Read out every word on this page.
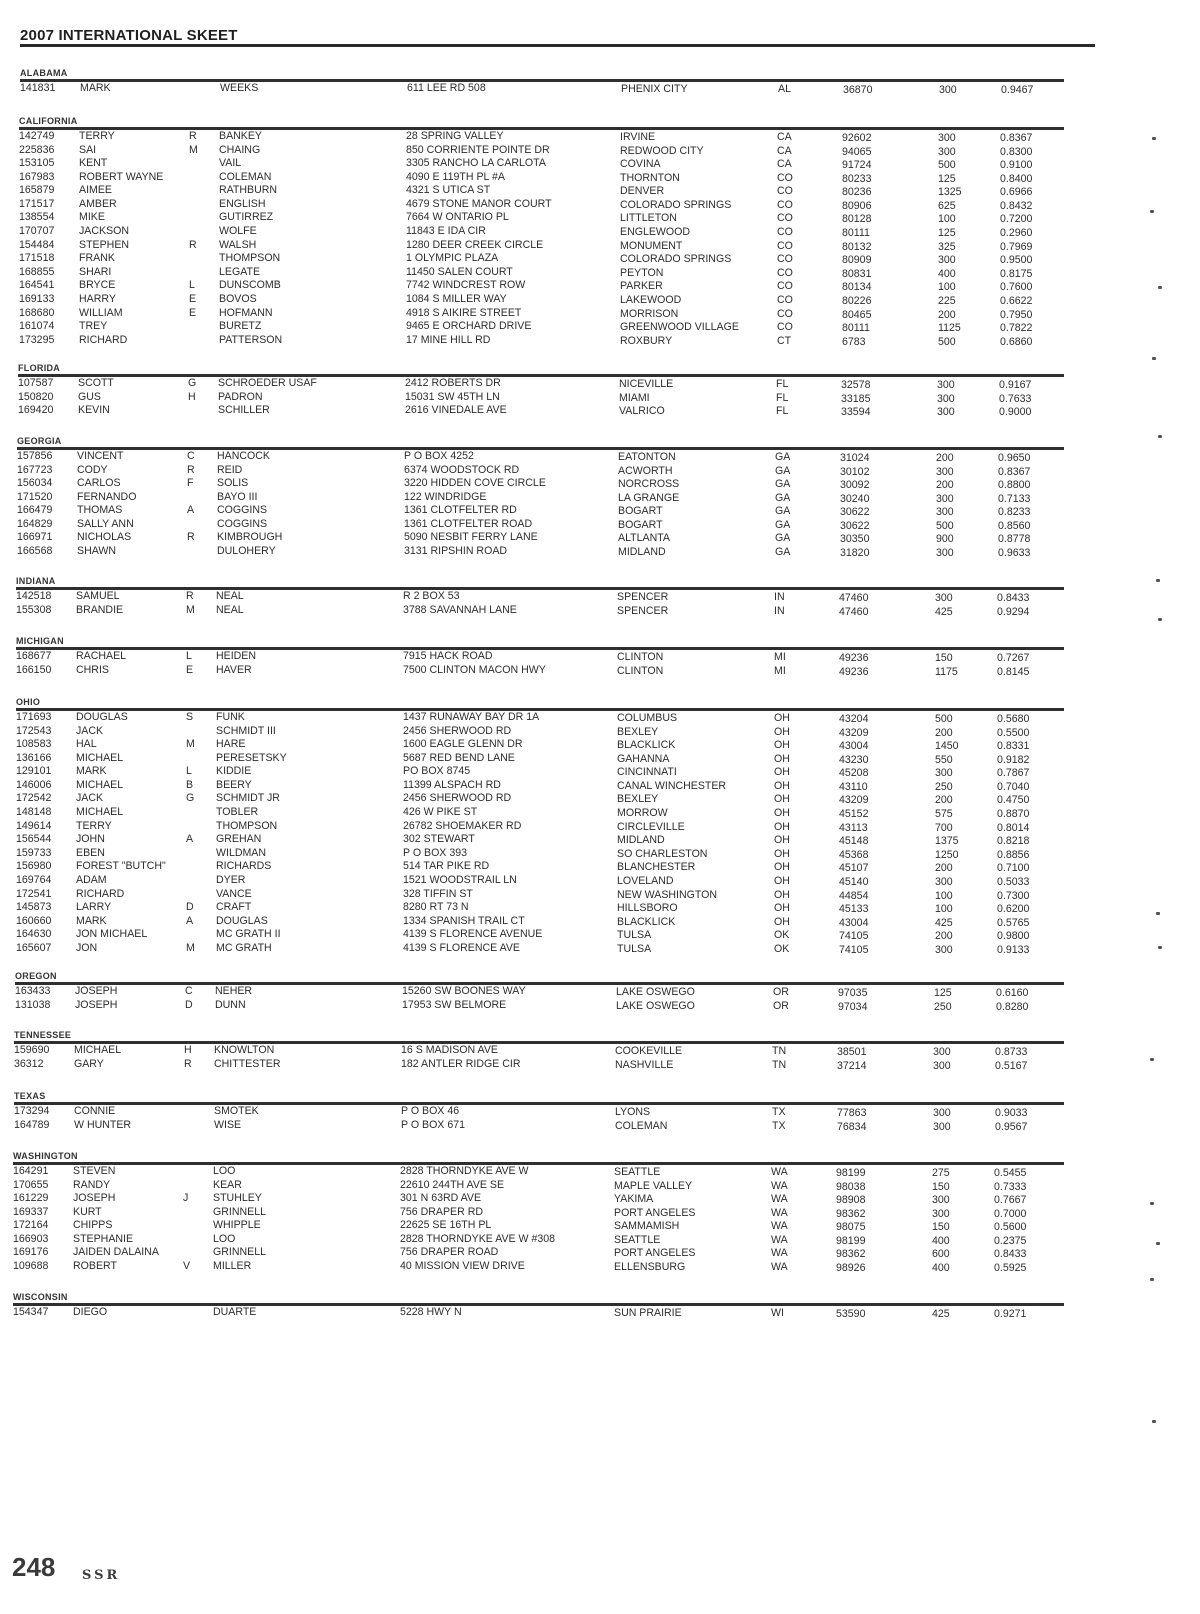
2007 INTERNATIONAL SKEET
ALABAMA
141831 MARK	WEEKS	611 LEE RD 508	PHENIX CITY	AL	36870	300	0.9467
CALIFORNIA
142749 TERRY	R BANKEY	28 SPRING VALLEY	IRVINE	CA	92602	300	0.8367
225836 SAI	M CHAING	850 CORRIENTE POINTE DR	REDWOOD CITY	CA	94065	300	0.8300
153105 KENT	VAIL	3305 RANCHO LA CARLOTA	COVINA	CA	91724	500	0.9100
167983 ROBERT WAYNE	COLEMAN	4090 E 119TH PL #A	THORNTON	CO	80233	125	0.8400
165879 AIMEE	RATHBURN	4321 S UTICA ST	DENVER	CO	80236	1325	0.6966
171517 AMBER	ENGLISH	4679 STONE MANOR COURT	COLORADO SPRINGS	CO	80906	625	0.8432
138554 MIKE	GUTIRREZ	7664 W ONTARIO PL	LITTLETON	CO	80128	100	0.7200
170707 JACKSON	WOLFE	11843 E IDA CIR	ENGLEWOOD	CO	80111	125	0.2960
154484 STEPHEN	R WALSH	1280 DEER CREEK CIRCLE	MONUMENT	CO	80132	325	0.7969
171518 FRANK	THOMPSON	1 OLYMPIC PLAZA	COLORADO SPRINGS	CO	80909	300	0.9500
168855 SHARI	LEGATE	11450 SALEN COURT	PEYTON	CO	80831	400	0.8175
164541 BRYCE	L DUNSCOMB	7742 WINDCREST ROW	PARKER	CO	80134	100	0.7600
169133 HARRY	E BOVOS	1084 S MILLER WAY	LAKEWOOD	CO	80226	225	0.6622
168680 WILLIAM	E HOFMANN	4918 S AIKIRE STREET	MORRISON	CO	80465	200	0.7950
161074 TREY	BURETZ	9465 E ORCHARD DRIVE	GREENWOOD VILLAGE	CO	80111	1125	0.7822
173295 RICHARD	PATTERSON	17 MINE HILL RD	ROXBURY	CT	6783	500	0.6860
FLORIDA
107587 SCOTT	G SCHROEDER USAF	2412 ROBERTS DR	NICEVILLE	FL	32578	300	0.9167
150820 GUS	H PADRON	15031 SW 45TH LN	MIAMI	FL	33185	300	0.7633
169420 KEVIN	SCHILLER	2616 VINEDALE AVE	VALRICO	FL	33594	300	0.9000
GEORGIA
157856 VINCENT	C HANCOCK	P O BOX 4252	EATONTON	GA	31024	200	0.9650
167723 CODY	R REID	6374 WOODSTOCK RD	ACWORTH	GA	30102	300	0.8367
156034 CARLOS	F SOLIS	3220 HIDDEN COVE CIRCLE	NORCROSS	GA	30092	200	0.8800
171520 FERNANDO	BAYO III	122 WINDRIDGE	LA GRANGE	GA	30240	300	0.7133
166479 THOMAS	A COGGINS	1361 CLOTFELTER RD	BOGART	GA	30622	300	0.8233
164829 SALLY ANN	COGGINS	1361 CLOTFELTER ROAD	BOGART	GA	30622	500	0.8560
166971 NICHOLAS	R KIMBROUGH	5090 NESBIT FERRY LANE	ALTLANTA	GA	30350	900	0.8778
166568 SHAWN	DULOHERY	3131 RIPSHIN ROAD	MIDLAND	GA	31820	300	0.9633
INDIANA
142518 SAMUEL	R NEAL	R 2 BOX 53	SPENCER	IN	47460	300	0.8433
155308 BRANDIE	M NEAL	3788 SAVANNAH LANE	SPENCER	IN	47460	425	0.9294
MICHIGAN
168677 RACHAEL	L HEIDEN	7915 HACK ROAD	CLINTON	MI	49236	150	0.7267
166150 CHRIS	E HAVER	7500 CLINTON MACON HWY	CLINTON	MI	49236	1175	0.8145
OHIO
171693 DOUGLAS	S FUNK	1437 RUNAWAY BAY DR 1A	COLUMBUS	OH	43204	500	0.5680
172543 JACK	SCHMIDT III	2456 SHERWOOD RD	BEXLEY	OH	43209	200	0.5500
108583 HAL	M HARE	1600 EAGLE GLENN DR	BLACKLICK	OH	43004	1450	0.8331
136166 MICHAEL	PERESETSKY	5687 RED BEND LANE	GAHANNA	OH	43230	550	0.9182
129101 MARK	L KIDDIE	PO BOX 8745	CINCINNATI	OH	45208	300	0.7867
146006 MICHAEL	B BEERY	11399 ALSPACH RD	CANAL WINCHESTER	OH	43110	250	0.7040
172542 JACK	G SCHMIDT JR	2456 SHERWOOD RD	BEXLEY	OH	43209	200	0.4750
148148 MICHAEL	TOBLER	426 W PIKE ST	MORROW	OH	45152	575	0.8870
149614 TERRY	THOMPSON	26782 SHOEMAKER RD	CIRCLEVILLE	OH	43113	700	0.8014
156544 JOHN	A GREHAN	302 STEWART	MIDLAND	OH	45148	1375	0.8218
159733 EBEN	WILDMAN	P O BOX 393	SO CHARLESTON	OH	45368	1250	0.8856
156980 FOREST "BUTCH"	RICHARDS	514 TAR PIKE RD	BLANCHESTER	OH	45107	200	0.7100
169764 ADAM	DYER	1521 WOODSTRAIL LN	LOVELAND	OH	45140	300	0.5033
172541 RICHARD	VANCE	328 TIFFIN ST	NEW WASHINGTON	OH	44854	100	0.7300
145873 LARRY	D CRAFT	8280 RT 73 N	HILLSBORO	OH	45133	100	0.6200
160660 MARK	A DOUGLAS	1334 SPANISH TRAIL CT	BLACKLICK	OH	43004	425	0.5765
164630 JON MICHAEL	MC GRATH II	4139 S FLORENCE AVENUE	TULSA	OK	74105	200	0.9800
165607 JON	M MC GRATH	4139 S FLORENCE AVE	TULSA	OK	74105	300	0.9133
OREGON
163433 JOSEPH	C NEHER	15260 SW BOONES WAY	LAKE OSWEGO	OR	97035	125	0.6160
131038 JOSEPH	D DUNN	17953 SW BELMORE	LAKE OSWEGO	OR	97034	250	0.8280
TENNESSEE
159690 MICHAEL	H KNOWLTON	16 S MADISON AVE	COOKEVILLE	TN	38501	300	0.8733
36312	GARY	R CHITTESTER	182 ANTLER RIDGE CIR	NASHVILLE	TN	37214	300	0.5167
TEXAS
173294 CONNIE	SMOTEK	P O BOX 46	LYONS	TX	77863	300	0.9033
164789 W HUNTER	WISE	P O BOX 671	COLEMAN	TX	76834	300	0.9567
WASHINGTON
164291 STEVEN	LOO	2828 THORNDYKE AVE W	SEATTLE	WA	98199	275	0.5455
170655 RANDY	KEAR	22610 244TH AVE SE	MAPLE VALLEY	WA	98038	150	0.7333
161229 JOSEPH	J STUHLEY	301 N 63RD AVE	YAKIMA	WA	98908	300	0.7667
169337 KURT	GRINNELL	756 DRAPER RD	PORT ANGELES	WA	98362	300	0.7000
172164 CHIPPS	WHIPPLE	22625 SE 16TH PL	SAMMAMISH	WA	98075	150	0.5600
166903 STEPHANIE	LOO	2828 THORNDYKE AVE W #308	SEATTLE	WA	98199	400	0.2375
169176 JAIDEN DALAINA	GRINNELL	756 DRAPER ROAD	PORT ANGELES	WA	98362	600	0.8433
109688 ROBERT	V MILLER	40 MISSION VIEW DRIVE	ELLENSBURG	WA	98926	400	0.5925
WISCONSIN
154347 DIEGO	DUARTE	5228 HWY N	SUN PRAIRIE	WI	53590	425	0.9271
248 SSR
